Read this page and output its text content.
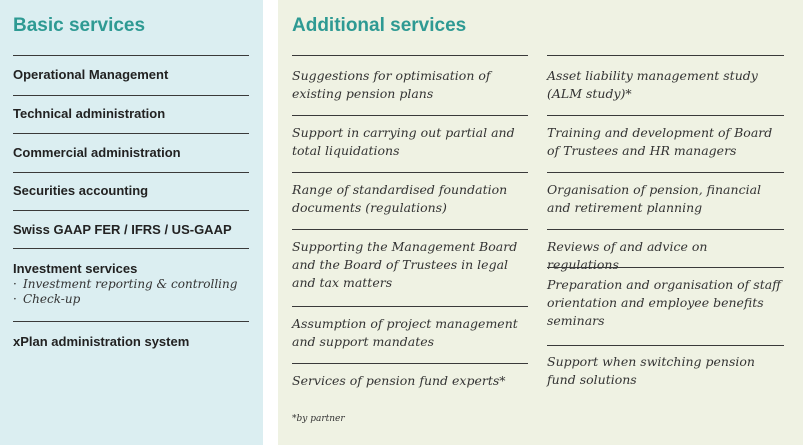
Basic services
Operational Management
Technical administration
Commercial administration
Securities accounting
Swiss GAAP FER / IFRS / US-GAAP
Investment services
· Investment reporting & controlling
· Check-up
xPlan administration system
Additional services
Suggestions for optimisation of existing pension plans
Support in carrying out partial and total liquidations
Range of standardised foundation documents (regulations)
Supporting the Management Board and the Board of Trustees in legal and tax matters
Assumption of project management and support mandates
Services of pension fund experts*
Asset liability management study (ALM study)*
Training and development of Board of Trustees and HR managers
Organisation of pension, financial and retirement planning
Reviews of and advice on regulations
Preparation and organisation of staff orientation and employee benefits seminars
Support when switching pension fund solutions
*by partner
